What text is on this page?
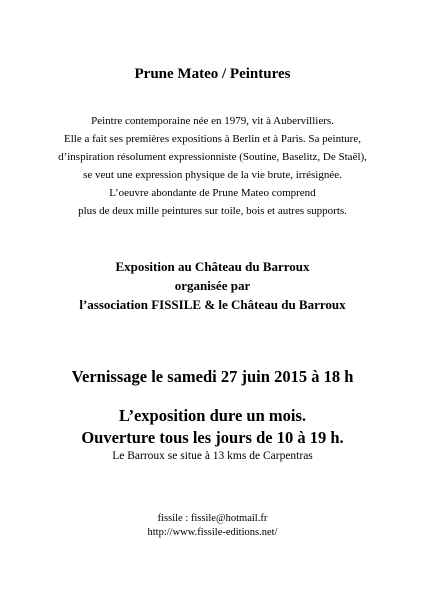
Prune Mateo / Peintures
Peintre contemporaine née en 1979, vit à Aubervilliers.
Elle a fait ses premières expositions à Berlin et à Paris. Sa peinture,
d’inspiration résolument expressionniste (Soutine, Baselitz, De Staël),
se veut une expression physique de la vie brute, irrésignée.
L’oeuvre abondante de Prune Mateo comprend
plus de deux mille peintures sur toile, bois et autres supports.
Exposition au Château du Barroux
organisée par
l’association FISSILE & le Château du Barroux
Vernissage le samedi 27 juin 2015 à 18 h
L’exposition dure un mois.
Ouverture tous les jours de 10 à 19 h.
Le Barroux se situe à 13 kms de Carpentras
fissile : fissile@hotmail.fr
http://www.fissile-editions.net/
